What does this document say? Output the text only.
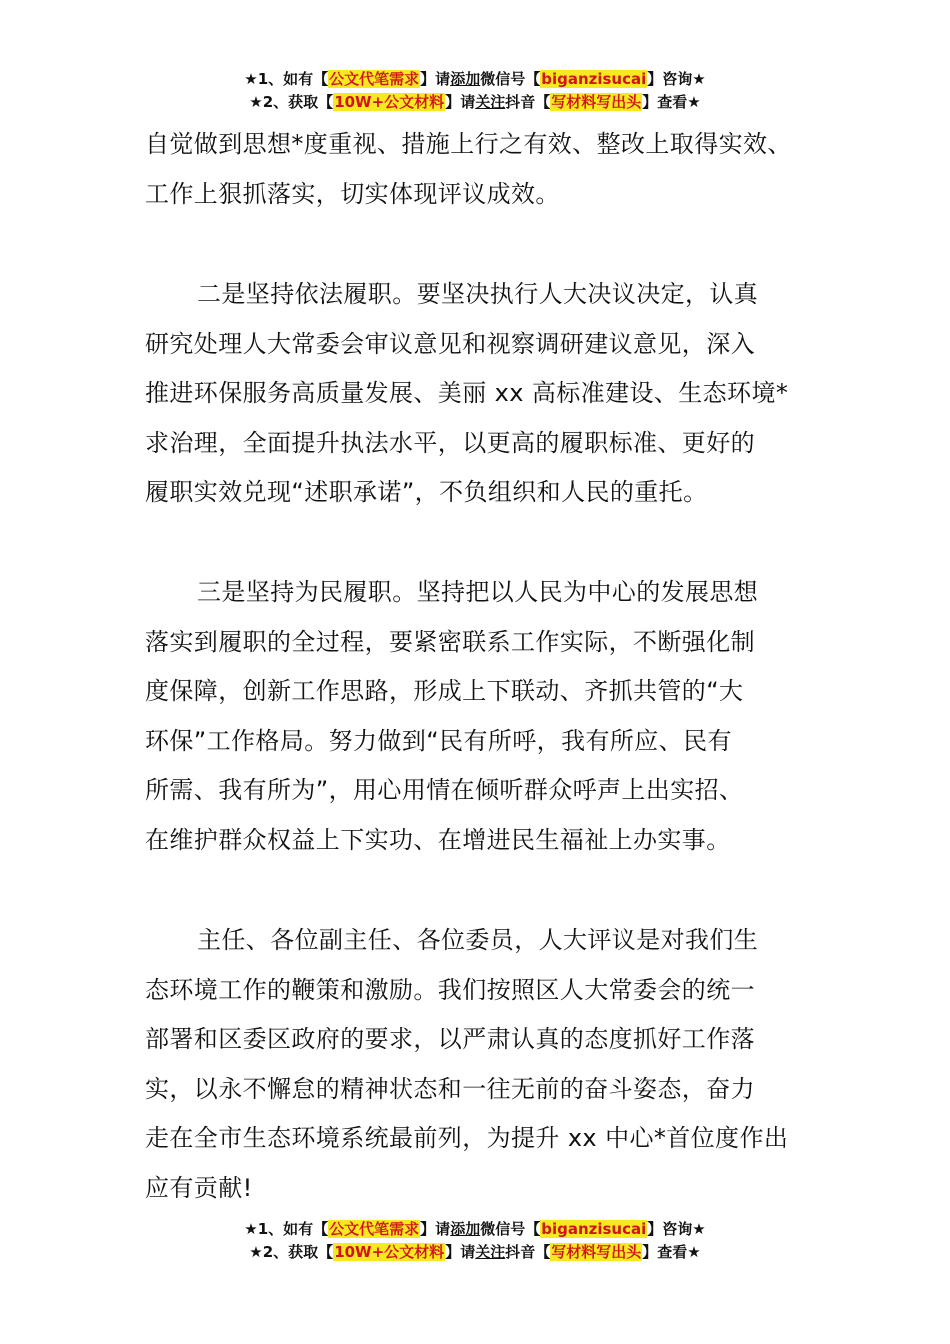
★1、如有【公文代笔需求】请添加微信号【biganzisucai】咨询★
★2、获取【10W+公文材料】请关注抖音【写材料写出头】查看★
自觉做到思想*度重视、措施上行之有效、整改上取得实效、
工作上狠抓落实，切实体现评议成效。
二是坚持依法履职。要坚决执行人大决议决定，认真
研究处理人大常委会审议意见和视察调研建议意见，深入
推进环保服务高质量发展、美丽 xx 高标准建设、生态环境*
求治理，全面提升执法水平，以更高的履职标准、更好的
履职实效兑现“述职承诺”，不负组织和人民的重托。
三是坚持为民履职。坚持把以人民为中心的发展思想
落实到履职的全过程，要紧密联系工作实际，不断强化制
度保障，创新工作思路，形成上下联动、齐抓共管的“大
环保”工作格局。努力做到“民有所呼，我有所应、民有
所需、我有所为”，用心用情在倾听群众呼声上出实招、
在维护群众权益上下实功、在增进民生福祉上办实事。
主任、各位副主任、各位委员，人大评议是对我们生
态环境工作的鞭策和激励。我们按照区人大常委会的统一
部署和区委区政府的要求，以严肃认真的态度抓好工作落
实，以永不懈怠的精神状态和一往无前的奋斗姿态，奋力
走在全市生态环境系统最前列，为提升 xx 中心*首位度作出
应有贡献!
★1、如有【公文代笔需求】请添加微信号【biganzisucai】咨询★
★2、获取【10W+公文材料】请关注抖音【写材料写出头】查看★
